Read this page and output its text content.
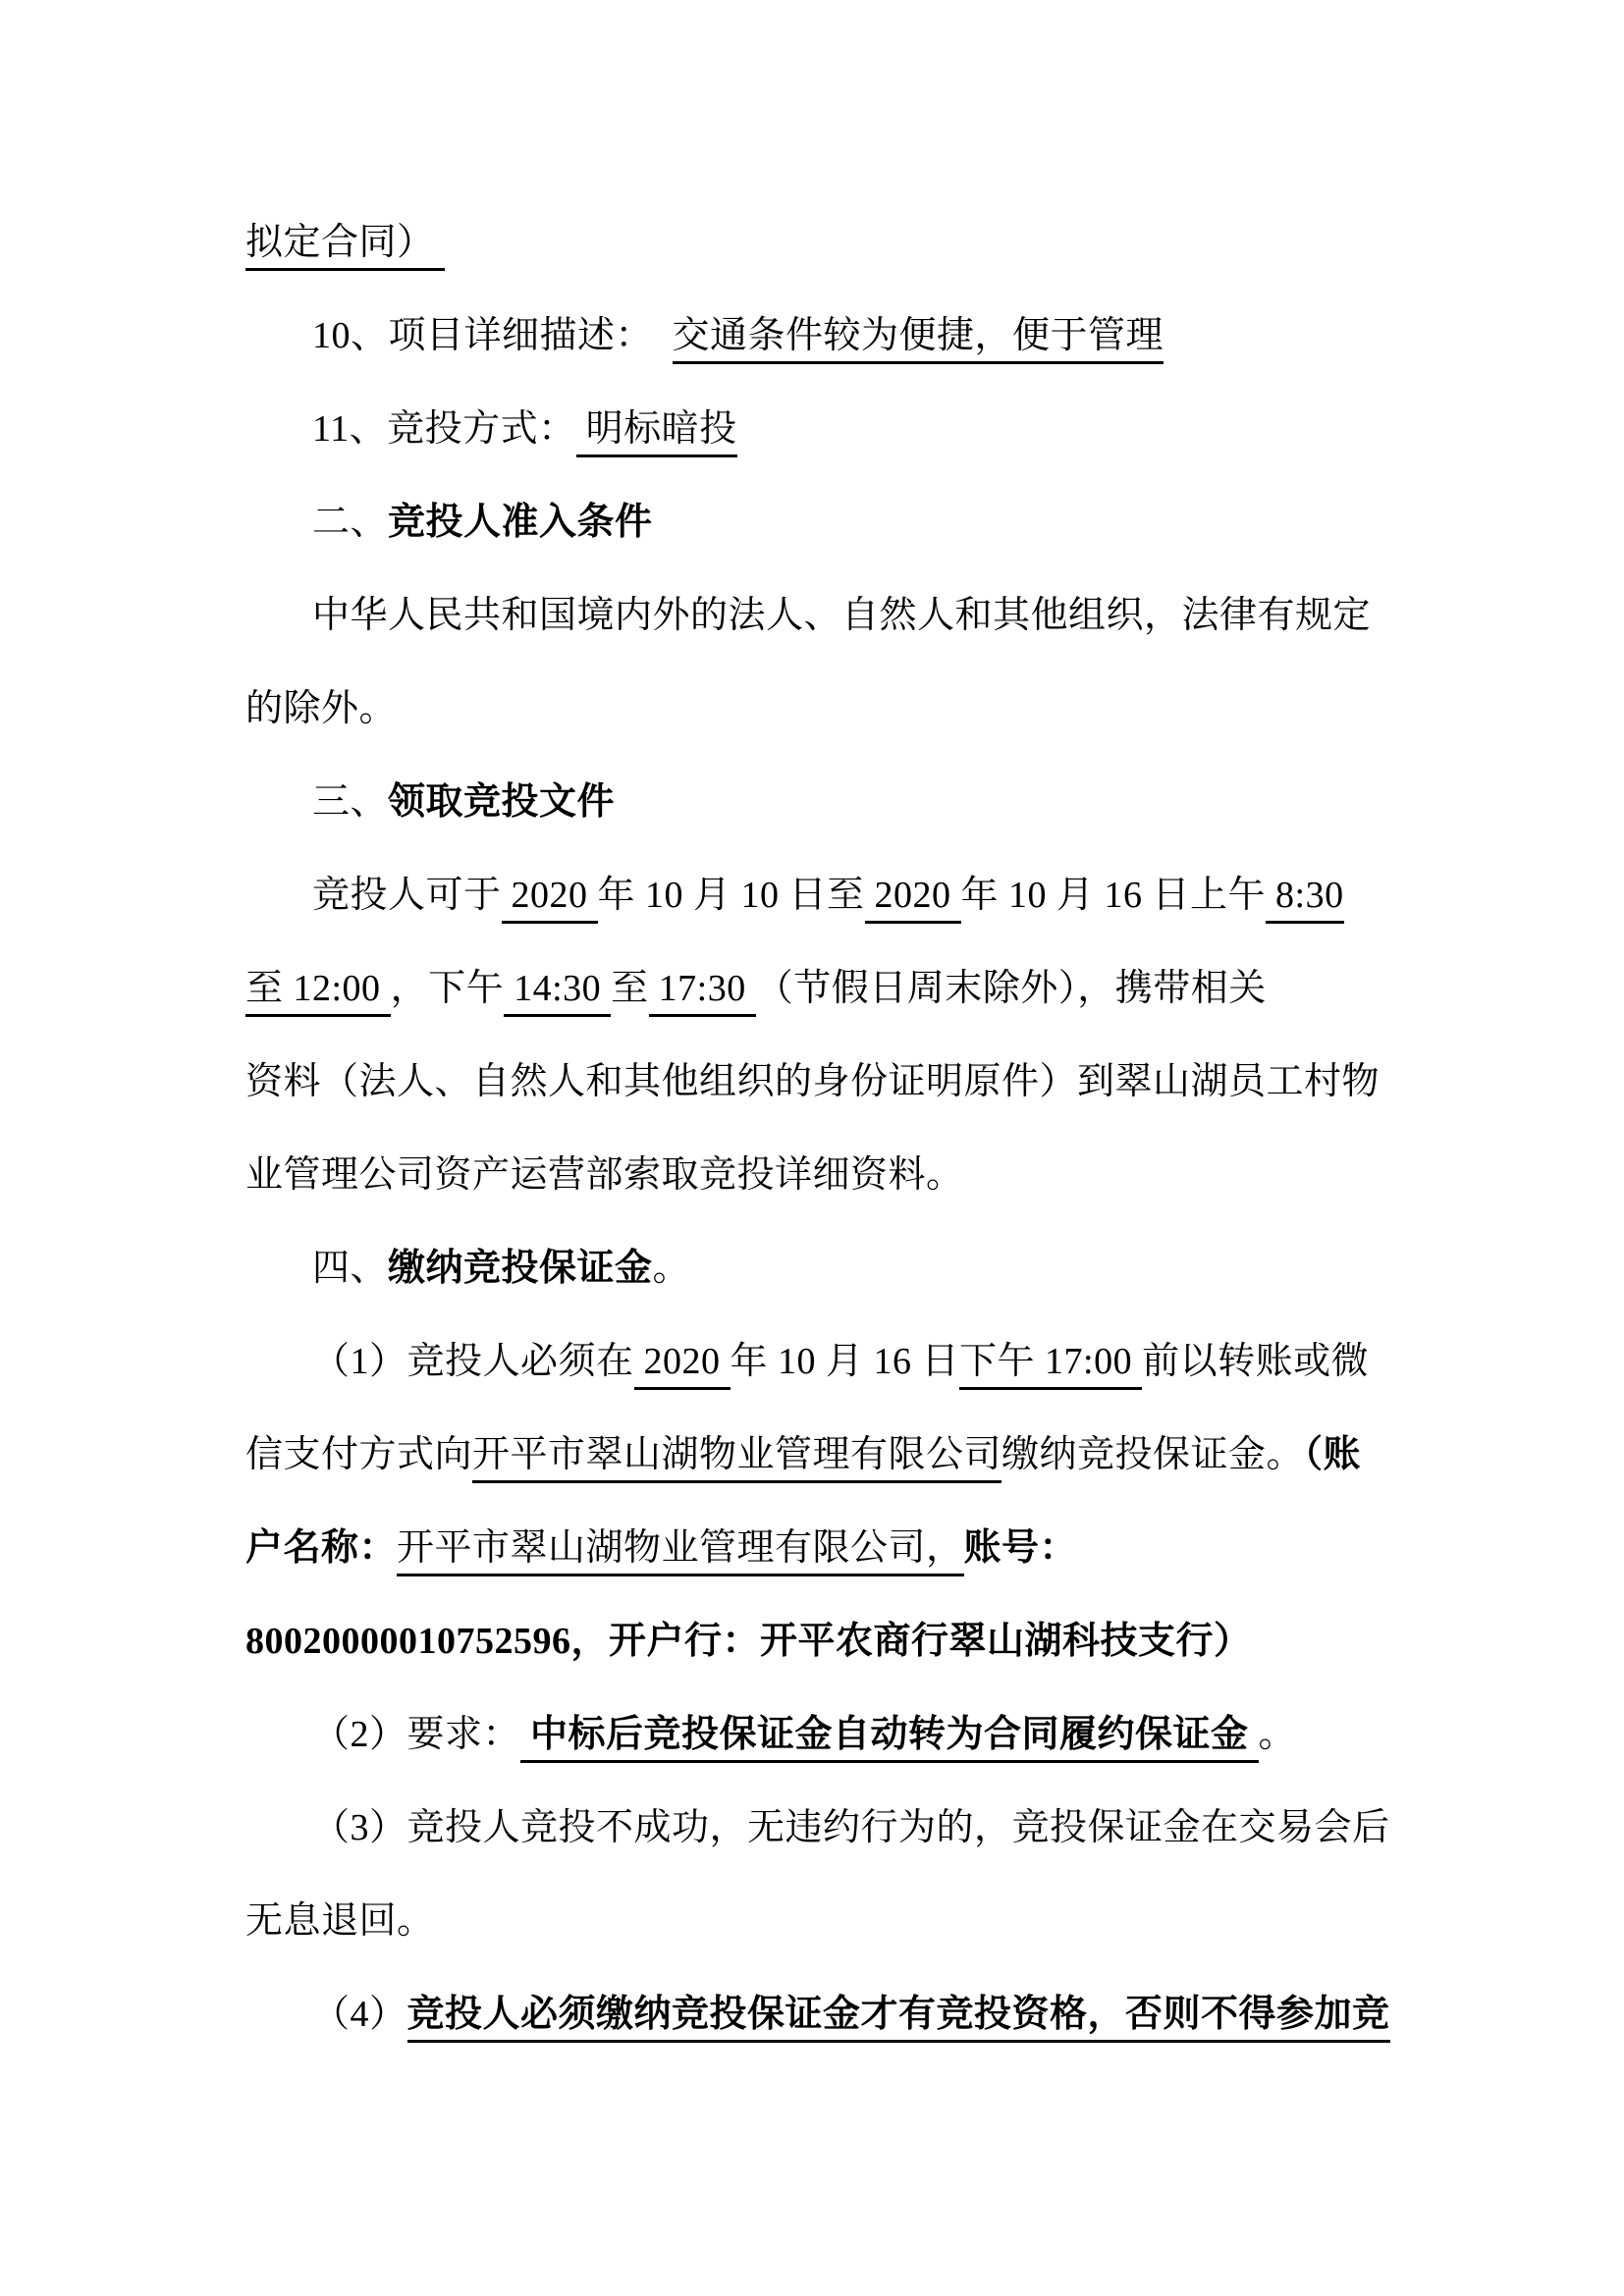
拟定合同）
10、项目详细描述：　交通条件较为便捷，便于管理
11、竞投方式： 明标暗投
二、竞投人准入条件
中华人民共和国境内外的法人、自然人和其他组织，法律有规定
的除外。
三、领取竞投文件
竞投人可于 2020 年 10 月 10 日至 2020 年 10 月 16 日上午 8:30
至 12:00 ，下午 14:30 至 17:30 （节假日周末除外），携带相关
资料（法人、自然人和其他组织的身份证明原件）到翠山湖员工村物
业管理公司资产运营部索取竞投详细资料。
四、缴纳竞投保证金。
（1）竞投人必须在 2020 年 10 月 16 日下午 17:00 前以转账或微
信支付方式向开平市翠山湖物业管理有限公司缴纳竞投保证金。（账
户名称：开平市翠山湖物业管理有限公司，账号：
80020000010752596，开户行：开平农商行翠山湖科技支行）
（2）要求： 中标后竞投保证金自动转为合同履约保证金 。
（3）竞投人竞投不成功，无违约行为的，竞投保证金在交易会后
无息退回。
（4）竞投人必须缴纳竞投保证金才有竞投资格，否则不得参加竞
